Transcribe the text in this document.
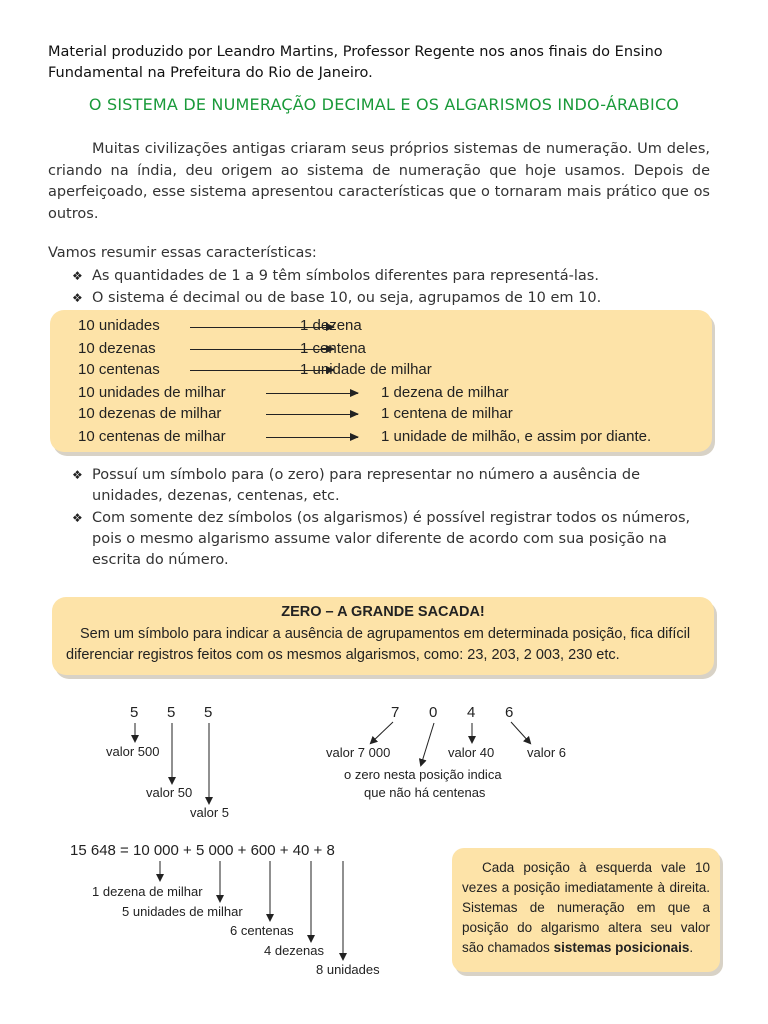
Material produzido por Leandro Martins, Professor Regente nos anos finais do Ensino Fundamental na Prefeitura do Rio de Janeiro.
O SISTEMA DE NUMERAÇÃO DECIMAL E OS ALGARISMOS INDO-ÁRABICO
Muitas civilizações antigas criaram seus próprios sistemas de numeração. Um deles, criando na índia, deu origem ao sistema de numeração que hoje usamos. Depois de aperfeiçoado, esse sistema apresentou características que o tornaram mais prático que os outros.
Vamos resumir essas características:
❖ As quantidades de 1 a 9 têm símbolos diferentes para representá-las.
❖ O sistema é decimal ou de base 10, ou seja, agrupamos de 10 em 10.
10 unidades	1 dezena
10 dezenas	1 centena
10 centenas	1 unidade de milhar
10 unidades de milhar	1 dezena de milhar
10 dezenas de milhar	1 centena de milhar
10 centenas de milhar	1 unidade de milhão, e assim por diante.
❖ Possuí um símbolo para (o zero) para representar no número a ausência de unidades, dezenas, centenas, etc.
❖ Com somente dez símbolos (os algarismos) é possível registrar todos os números, pois o mesmo algarismo assume valor diferente de acordo com sua posição na escrita do número.
ZERO – A GRANDE SACADA!
Sem um símbolo para indicar a ausência de agrupamentos em determinada posição, fica difícil diferenciar registros feitos com os mesmos algarismos, como: 23, 203, 2 003, 230 etc.
5 5 5
valor 500
valor 50
valor 5
7 0 4 6
valor 7 000	valor 40	valor 6
o zero nesta posição indica
que não há centenas
15 648 = 10 000 + 5 000 + 600 + 40 + 8
1 dezena de milhar
5 unidades de milhar
6 centenas
4 dezenas
8 unidades
Cada posição à esquerda vale 10 vezes a posição imediatamente à direita. Sistemas de numeração em que a posição do algarismo altera seu valor são chamados sistemas posicionais.
